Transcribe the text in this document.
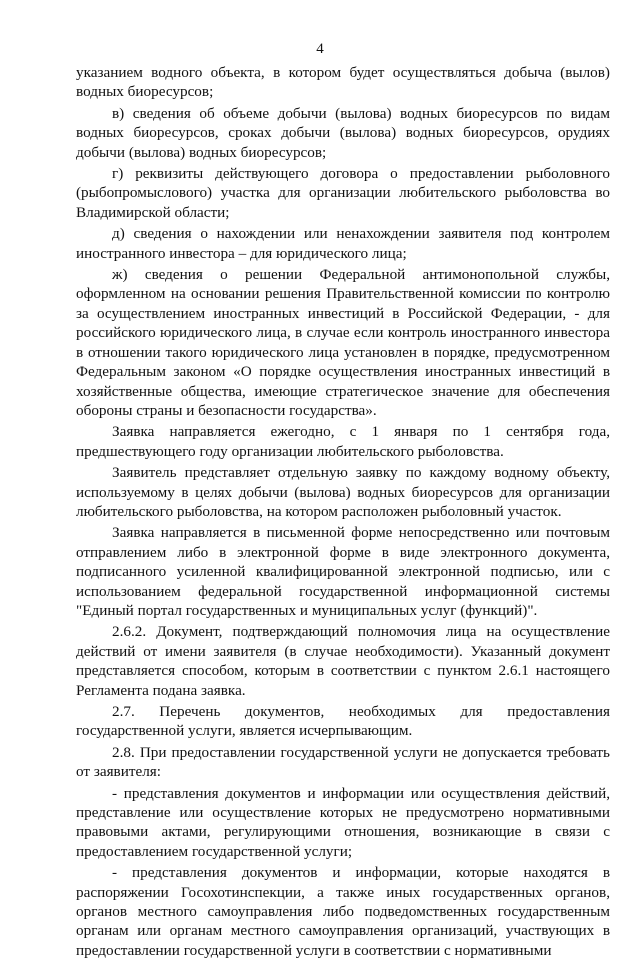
4

указанием водного объекта, в котором будет осуществляться добыча (вылов) водных биоресурсов;

в) сведения об объеме добычи (вылова) водных биоресурсов по видам водных биоресурсов, сроках добычи (вылова) водных биоресурсов, орудиях добычи (вылова) водных биоресурсов;

г) реквизиты действующего договора о предоставлении рыболовного (рыбопромыслового) участка для организации любительского рыболовства во Владимирской области;

д) сведения о нахождении или ненахождении заявителя под контролем иностранного инвестора – для юридического лица;

ж) сведения о решении Федеральной антимонопольной службы, оформленном на основании решения Правительственной комиссии по контролю за осуществлением иностранных инвестиций в Российской Федерации, - для российского юридического лица, в случае если контроль иностранного инвестора в отношении такого юридического лица установлен в порядке, предусмотренном Федеральным законом «О порядке осуществления иностранных инвестиций в хозяйственные общества, имеющие стратегическое значение для обеспечения обороны страны и безопасности государства».

Заявка направляется ежегодно, с 1 января по 1 сентября года, предшествующего году организации любительского рыболовства.

Заявитель представляет отдельную заявку по каждому водному объекту, используемому в целях добычи (вылова) водных биоресурсов для организации любительского рыболовства, на котором расположен рыболовный участок.

Заявка направляется в письменной форме непосредственно или почтовым отправлением либо в электронной форме в виде электронного документа, подписанного усиленной квалифицированной электронной подписью, или с использованием федеральной государственной информационной системы "Единый портал государственных и муниципальных услуг (функций)".

2.6.2. Документ, подтверждающий полномочия лица на осуществление действий от имени заявителя (в случае необходимости). Указанный документ представляется способом, которым в соответствии с пунктом 2.6.1 настоящего Регламента подана заявка.

2.7. Перечень документов, необходимых для предоставления государственной услуги, является исчерпывающим.

2.8. При предоставлении государственной услуги не допускается требовать от заявителя:

- представления документов и информации или осуществления действий, представление или осуществление которых не предусмотрено нормативными правовыми актами, регулирующими отношения, возникающие в связи с предоставлением государственной услуги;

- представления документов и информации, которые находятся в распоряжении Госохотинспекции, а также иных государственных органов, органов местного самоуправления либо подведомственных государственным органам или органам местного самоуправления организаций, участвующих в предоставлении государственной услуги в соответствии с нормативными
